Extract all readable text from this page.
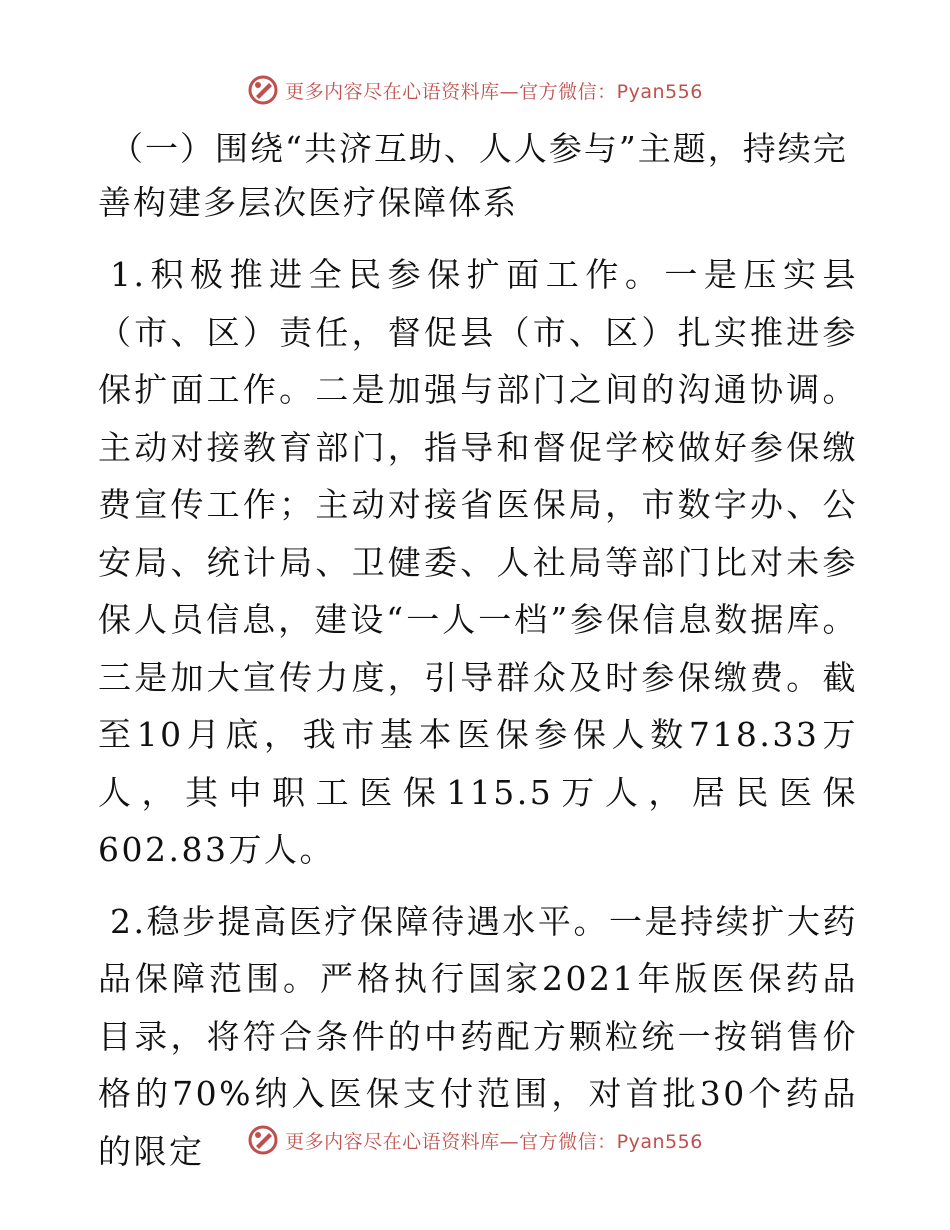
更多内容尽在心语资料库—官方微信：Pyan556

（一）围绕“共济互助、人人参与”主题，持续完善构建多层次医疗保障体系

1.积极推进全民参保扩面工作。一是压实县（市、区）责任，督促县（市、区）扎实推进参保扩面工作。二是加强与部门之间的沟通协调。主动对接教育部门，指导和督促学校做好参保缴费宣传工作；主动对接省医保局，市数字办、公安局、统计局、卫健委、人社局等部门比对未参保人员信息，建设“一人一档”参保信息数据库。三是加大宣传力度，引导群众及时参保缴费。截至10月底，我市基本医保参保人数718.33万人，其中职工医保115.5万人，居民医保602.83万人。

2.稳步提高医疗保障待遇水平。一是持续扩大药品保障范围。严格执行国家2021年版医保药品目录，将符合条件的中药配方颗粒统一按销售价格的70%纳入医保支付范围，对首批30个药品的限定	更多内容尽在心语资料库—官方微信：Pyan556
